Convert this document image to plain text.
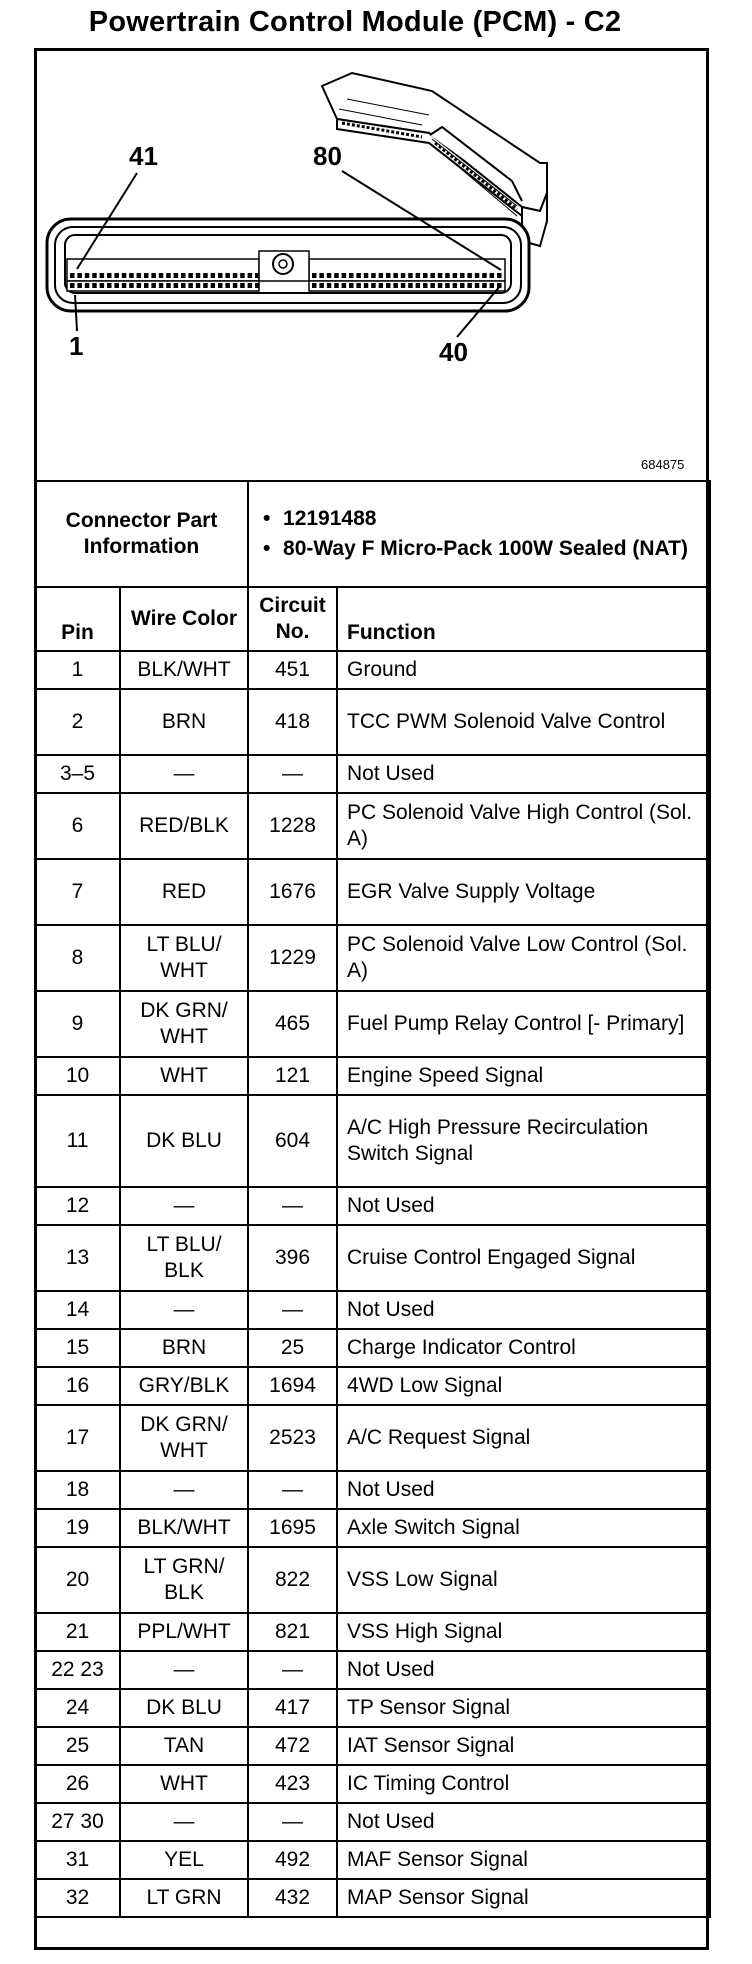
Powertrain Control Module (PCM) - C2
41	80
1	40
684875
Connector Part Information		• 12191488
• 80-Way F Micro-Pack 100W Sealed (NAT)

Pin	Wire Color	Circuit No.	Function
1	BLK/WHT	451	Ground
2	BRN	418	TCC PWM Solenoid Valve Control
3–5	—	—	Not Used
6	RED/BLK	1228	PC Solenoid Valve High Control (Sol. A)
7	RED	1676	EGR Valve Supply Voltage
8	LT BLU/ WHT	1229	PC Solenoid Valve Low Control (Sol. A)
9	DK GRN/ WHT	465	Fuel Pump Relay Control [- Primary]
10	WHT	121	Engine Speed Signal
11	DK BLU	604	A/C High Pressure Recirculation Switch Signal
12	—	—	Not Used
13	LT BLU/ BLK	396	Cruise Control Engaged Signal
14	—	—	Not Used
15	BRN	25	Charge Indicator Control
16	GRY/BLK	1694	4WD Low Signal
17	DK GRN/ WHT	2523	A/C Request Signal
18	—	—	Not Used
19	BLK/WHT	1695	Axle Switch Signal
20	LT GRN/ BLK	822	VSS Low Signal
21	PPL/WHT	821	VSS High Signal
22 23	—	—	Not Used
24	DK BLU	417	TP Sensor Signal
25	TAN	472	IAT Sensor Signal
26	WHT	423	IC Timing Control
27 30	—	—	Not Used
31	YEL	492	MAF Sensor Signal
32	LT GRN	432	MAP Sensor Signal
